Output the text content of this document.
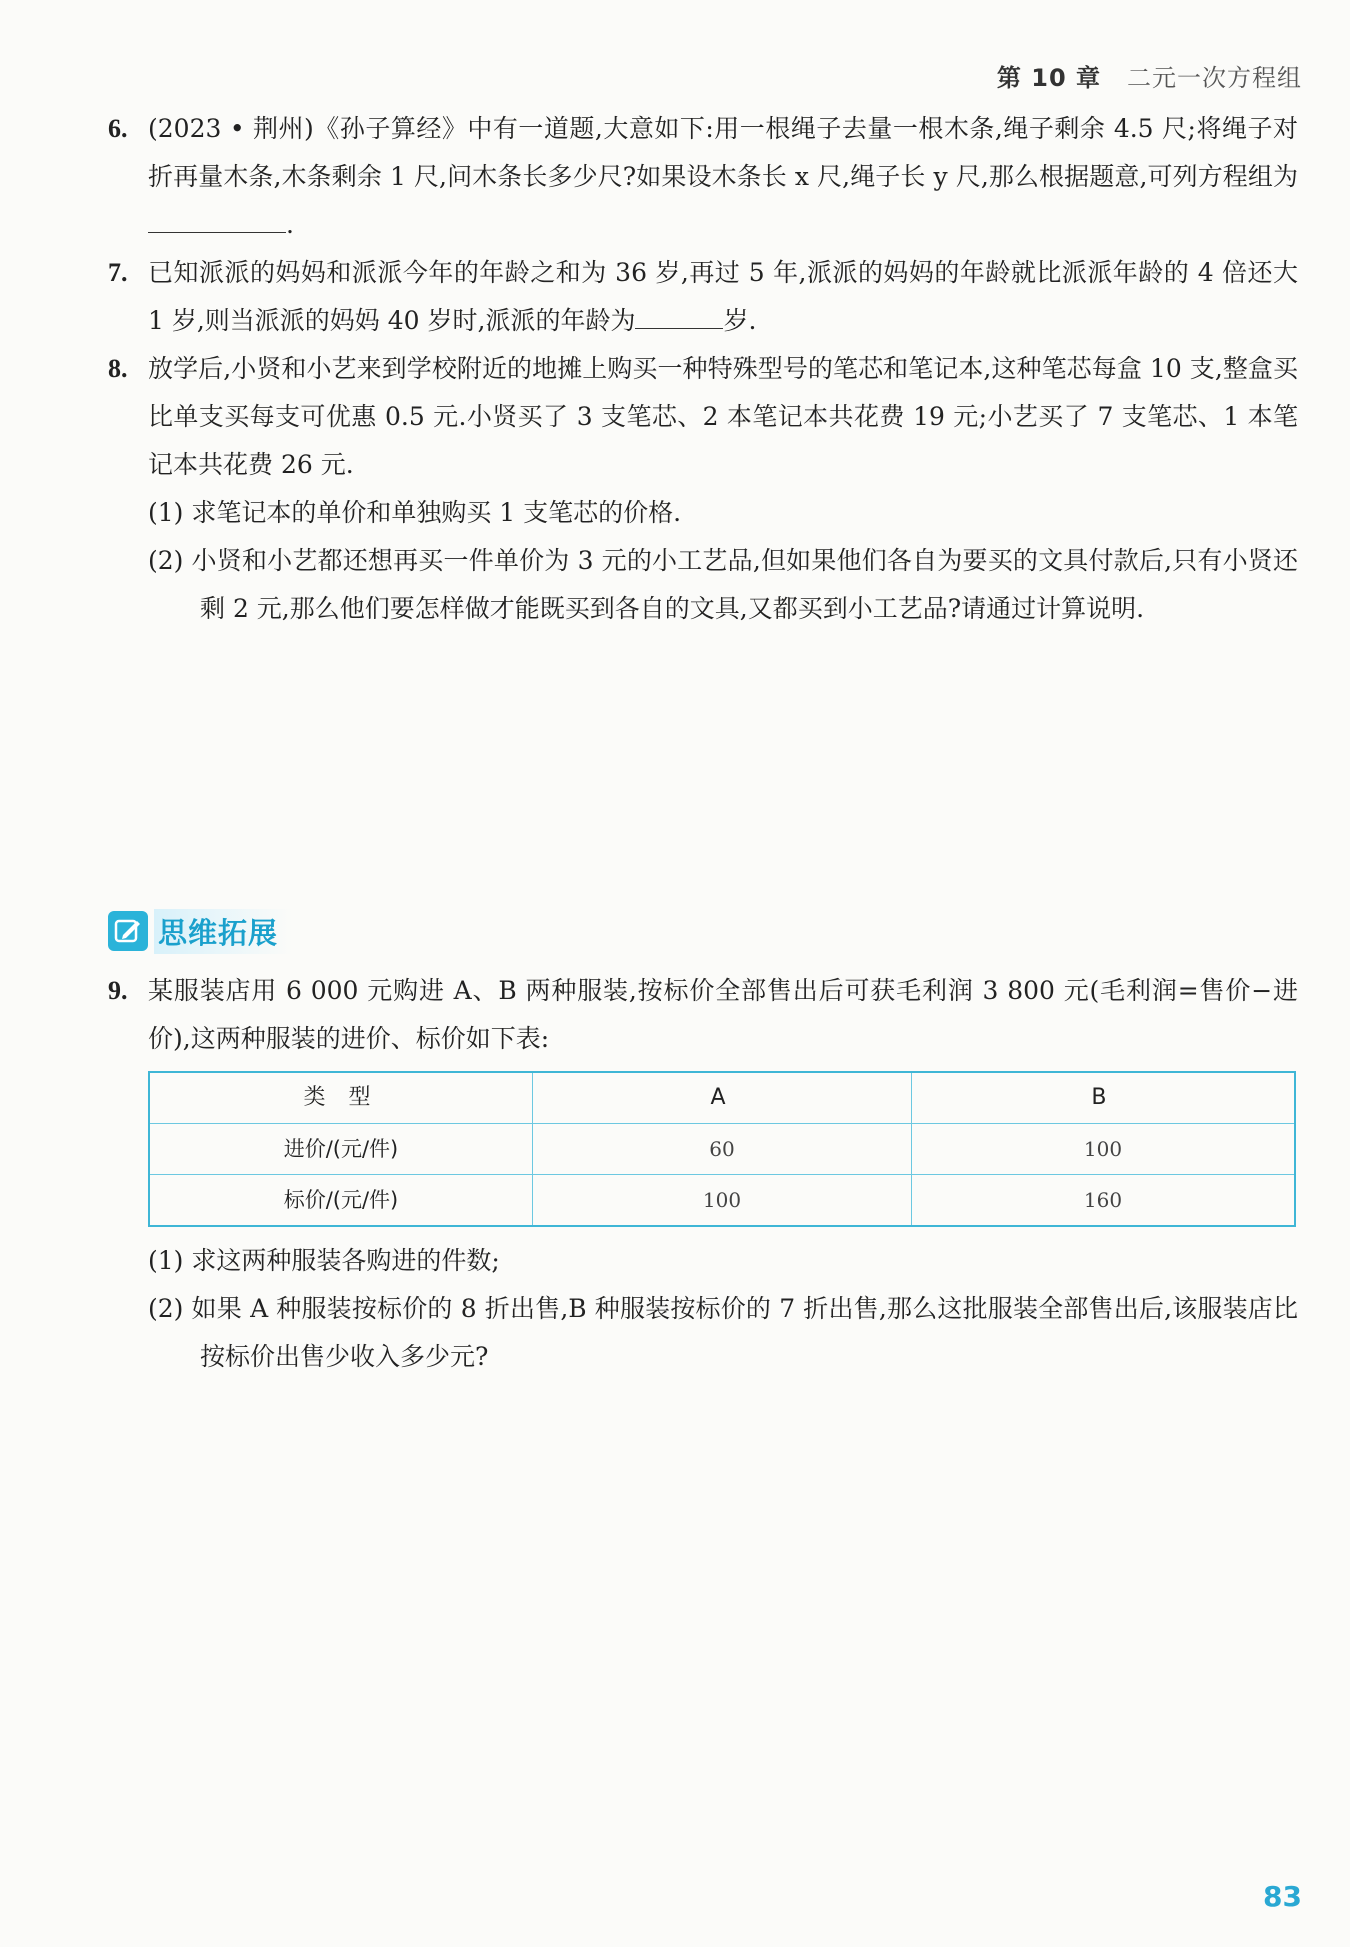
第 10 章 二元一次方程组
6. (2023 • 荆州)《孙子算经》中有一道题,大意如下:用一根绳子去量一根木条,绳子剩余 4.5 尺;将绳子对折再量木条,木条剩余 1 尺,问木条长多少尺?如果设木条长 x 尺,绳子长 y 尺,那么根据题意,可列方程组为.

7. 已知派派的妈妈和派派今年的年龄之和为 36 岁,再过 5 年,派派的妈妈的年龄就比派派年龄的 4 倍还大 1 岁,则当派派的妈妈 40 岁时,派派的年龄为	岁.

8. 放学后,小贤和小艺来到学校附近的地摊上购买一种特殊型号的笔芯和笔记本,这种笔芯每盒 10 支,整盒买比单支买每支可优惠 0.5 元.小贤买了 3 支笔芯、2 本笔记本共花费 19 元;小艺买了 7 支笔芯、1 本笔记本共花费 26 元.

(1) 求笔记本的单价和单独购买 1 支笔芯的价格.

(2) 小贤和小艺都还想再买一件单价为 3 元的小工艺品,但如果他们各自为要买的文具付款后,只有小贤还剩 2 元,那么他们要怎样做才能既买到各自的文具,又都买到小工艺品?请通过计算说明.

思维拓展
9. 某服装店用 6 000 元购进 A、B 两种服装,按标价全部售出后可获毛利润 3 800 元(毛利润=售价−进价),这两种服装的进价、标价如下表:

类 型	A	B
进价/(元/件)	60	100
标价/(元/件)	100	160

(1) 求这两种服装各购进的件数;

(2) 如果 A 种服装按标价的 8 折出售,B 种服装按标价的 7 折出售,那么这批服装全部售出后,该服装店比按标价出售少收入多少元?

83
